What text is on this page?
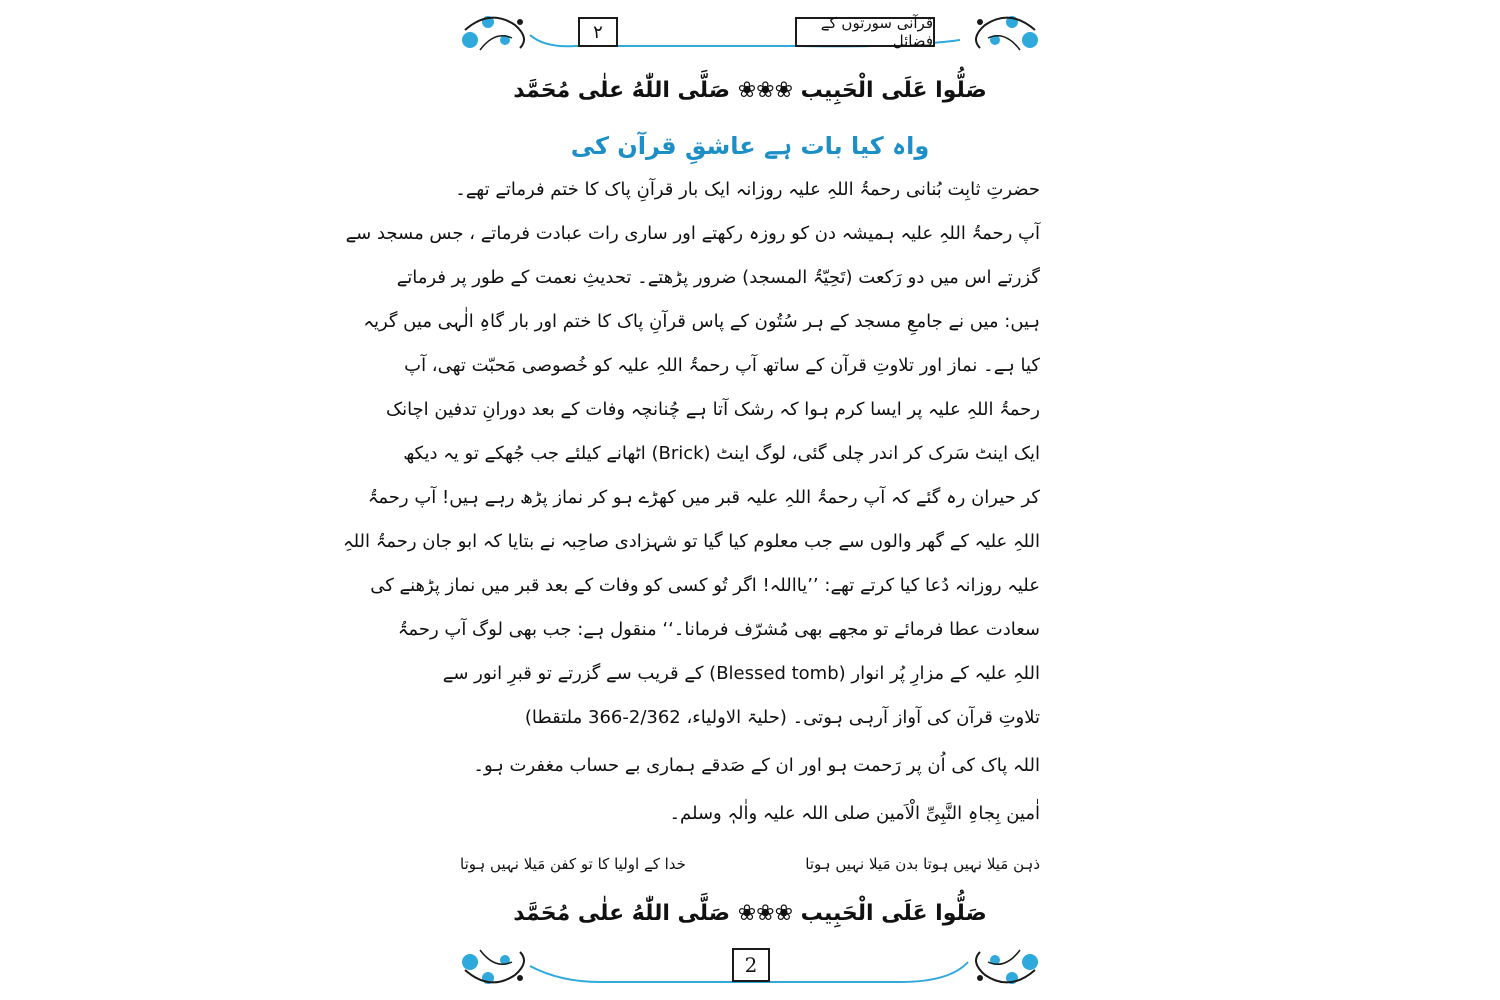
قرآنی سورتوں کے فضائل
۲
صَلُّوا عَلَی الْحَبِیب ❀❀❀ صَلَّی اللّٰهُ علٰی مُحَمَّد
واہ کیا بات ہے عاشقِ قرآن کی
حضرتِ ثابِت بُنانی رحمۃُ اللہِ علیہ روزانہ ایک بار قرآنِ پاک کا ختم فرماتے تھے۔
آپ رحمۃُ اللہِ علیہ ہمیشہ دن کو روزہ رکھتے اور ساری رات عبادت فرماتے ، جس مسجد سے
گزرتے اس میں دو رَکعت (تَحِیّۃُ المسجد) ضرور پڑھتے۔ تحدیثِ نعمت کے طور پر فرماتے
ہیں: میں نے جامعِ مسجد کے ہر سُتُون کے پاس قرآنِ پاک کا ختم اور بار گاہِ الٰہی میں گریہ
کیا ہے۔ نماز اور تلاوتِ قرآن کے ساتھ آپ رحمۃُ اللہِ علیہ کو خُصوصی مَحبّت تھی، آپ
رحمۃُ اللہِ علیہ پر ایسا کرم ہوا کہ رشک آتا ہے چُنانچہ وفات کے بعد دورانِ تدفین اچانک
ایک اینٹ سَرک کر اندر چلی گئی، لوگ اینٹ (Brick) اٹھانے کیلئے جب جُھکے تو یہ دیکھ
کر حیران رہ گئے کہ آپ رحمۃُ اللہِ علیہ قبر میں کھڑے ہو کر نماز پڑھ رہے ہیں! آپ رحمۃُ
اللہِ علیہ کے گھر والوں سے جب معلوم کیا گیا تو شہزادی صاحِبہ نے بتایا کہ ابو جان رحمۃُ اللہِ
علیہ روزانہ دُعا کیا کرتے تھے: ’’یااللہ! اگر تُو کسی کو وفات کے بعد قبر میں نماز پڑھنے کی
سعادت عطا فرمائے تو مجھے بھی مُشرّف فرمانا۔‘‘ منقول ہے: جب بھی لوگ آپ رحمۃُ
اللہِ علیہ کے مزارِ پُر انوار (Blessed tomb) کے قریب سے گزرتے تو قبرِ انور سے
تلاوتِ قرآن کی آواز آرہی ہوتی۔ (حلیۃ الاولیاء، 2/362-366 ملتقطا)
اللہ پاک کی اُن پر رَحمت ہو اور ان کے صَدقے ہماری بے حساب مغفرت ہو۔
اٰمین بِجاہِ النَّبِیِّ الْاَمین صلی اللہ علیہ واٰلہٖ وسلم۔
ذہن مَیلا نہیں ہوتا بدن مَیلا نہیں ہوتا
خدا کے اولیا کا تو کفن مَیلا نہیں ہوتا
صَلُّوا عَلَی الْحَبِیب ❀❀❀ صَلَّی اللّٰهُ علٰی مُحَمَّد
2
